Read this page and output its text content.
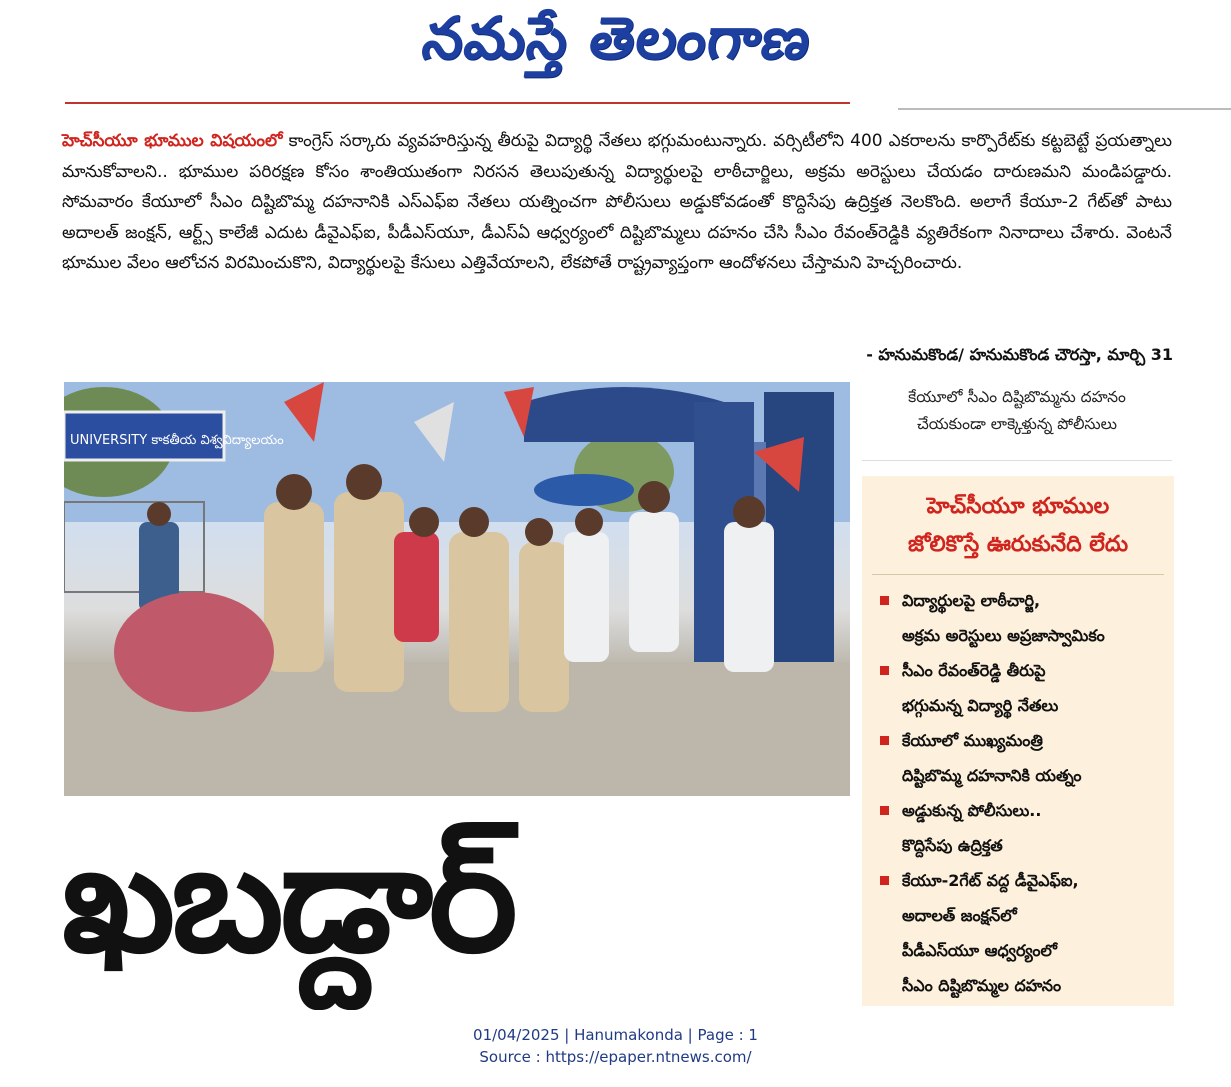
నమస్తే తెలంగాణ
హెచ్‌సీయూ భూముల విషయంలో కాంగ్రెస్ సర్కారు వ్యవహరిస్తున్న తీరుపై విద్యార్థి నేతలు భగ్గుమంటున్నారు. వర్సిటీలోని 400 ఎకరాలను కార్పొరేట్‌కు కట్టబెట్టే ప్రయత్నాలు మానుకోవాలని.. భూముల పరిరక్షణ కోసం శాంతియుతంగా నిరసన తెలుపుతున్న విద్యార్థులపై లాఠీచార్జిలు, అక్రమ అరెస్టులు చేయడం దారుణమని మండిపడ్డారు. సోమవారం కేయూలో సీఎం దిష్టిబొమ్మ దహనానికి ఎస్‌ఎఫ్‌ఐ నేతలు యత్నించగా పోలీసులు అడ్డుకోవడంతో కొద్దిసేపు ఉద్రిక్తత నెలకొంది. అలాగే కేయూ-2 గేట్‌తో పాటు అదాలత్ జంక్షన్, ఆర్ట్స్ కాలేజీ ఎదుట డీవైఎఫ్‌ఐ, పీడీఎస్‌యూ, డీఎస్‌ఏ ఆధ్వర్యంలో దిష్టిబొమ్మలు దహనం చేసి సీఎం రేవంత్‌రెడ్డికి వ్యతిరేకంగా నినాదాలు చేశారు. వెంటనే భూముల వేలం ఆలోచన విరమించుకొని, విద్యార్థులపై కేసులు ఎత్తివేయాలని, లేకపోతే రాష్ట్రవ్యాప్తంగా ఆందోళనలు చేస్తామని హెచ్చరించారు.
- హనుమకొండ/ హనుమకొండ చౌరస్తా, మార్చి 31
UNIVERSITY కాకతీయ విశ్వవిద్యాలయం
కేయూలో సీఎం దిష్టిబొమ్మను దహనం
చేయకుండా లాక్కెళ్తున్న పోలీసులు
హెచ్‌సీయూ భూముల
జోలికొస్తే ఊరుకునేది లేదు
విద్యార్థులపై లాఠీచార్జి,
అక్రమ అరెస్టులు అప్రజాస్వామికం
సీఎం రేవంత్‌రెడ్డి తీరుపై
భగ్గుమన్న విద్యార్థి నేతలు
కేయూలో ముఖ్యమంత్రి
దిష్టిబొమ్మ దహనానికి యత్నం
అడ్డుకున్న పోలీసులు..
కొద్దిసేపు ఉద్రిక్తత
కేయూ-2గేట్ వద్ద డీవైఎఫ్‌ఐ,
అదాలత్ జంక్షన్‌లో
పీడీఎస్‌యూ ఆధ్వర్యంలో
సీఎం దిష్టిబొమ్మల దహనం
ఖబడ్దార్
01/04/2025 | Hanumakonda | Page : 1
Source : https://epaper.ntnews.com/
